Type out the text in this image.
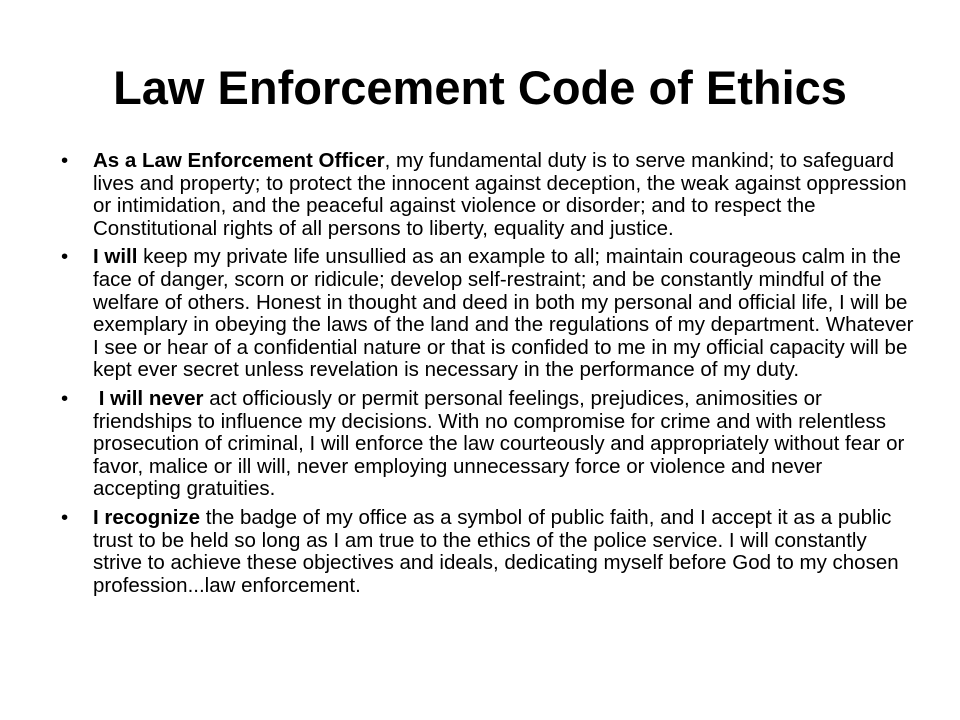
Law Enforcement Code of Ethics
• As a Law Enforcement Officer, my fundamental duty is to serve mankind; to safeguard lives and property; to protect the innocent against deception, the weak against oppression or intimidation, and the peaceful against violence or disorder; and to respect the Constitutional rights of all persons to liberty, equality and justice.
• I will keep my private life unsullied as an example to all; maintain courageous calm in the face of danger, scorn or ridicule; develop self-restraint; and be constantly mindful of the welfare of others. Honest in thought and deed in both my personal and official life, I will be exemplary in obeying the laws of the land and the regulations of my department. Whatever I see or hear of a confidential nature or that is confided to me in my official capacity will be kept ever secret unless revelation is necessary in the performance of my duty.
• I will never act officiously or permit personal feelings, prejudices, animosities or friendships to influence my decisions. With no compromise for crime and with relentless prosecution of criminal, I will enforce the law courteously and appropriately without fear or favor, malice or ill will, never employing unnecessary force or violence and never accepting gratuities.
• I recognize the badge of my office as a symbol of public faith, and I accept it as a public trust to be held so long as I am true to the ethics of the police service. I will constantly strive to achieve these objectives and ideals, dedicating myself before God to my chosen profession...law enforcement.
